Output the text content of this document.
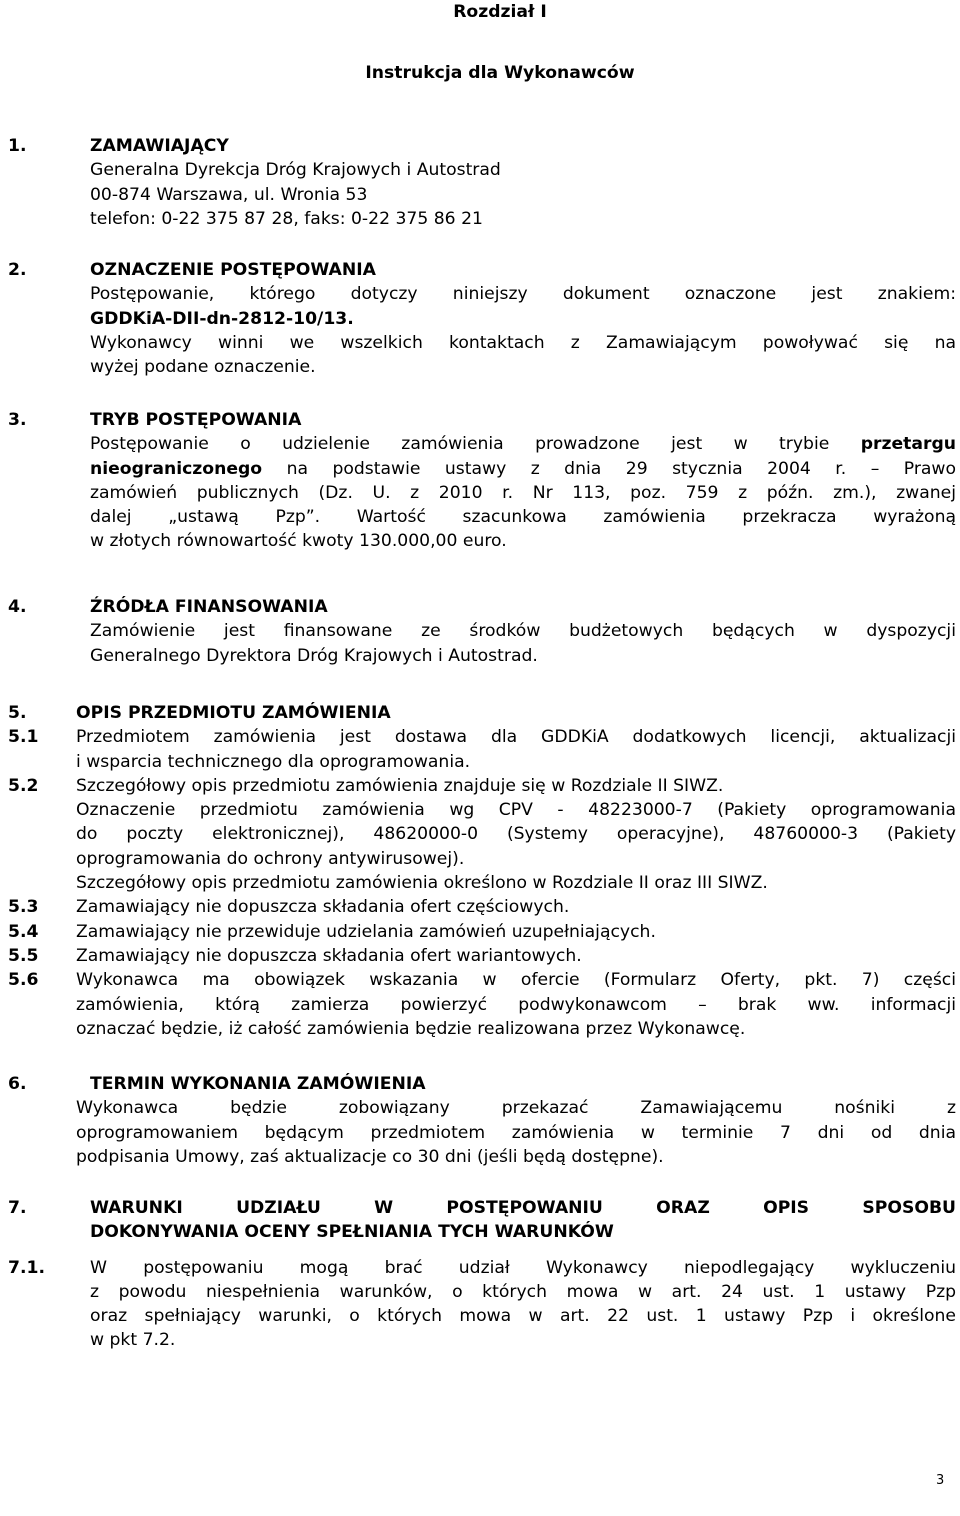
Rozdział I
Instrukcja dla Wykonawców
1.	ZAMAWIAJĄCY
Generalna Dyrekcja Dróg Krajowych i Autostrad
00-874 Warszawa, ul. Wronia 53
telefon: 0-22 375 87 28, faks: 0-22 375 86 21
2.	OZNACZENIE POSTĘPOWANIA
Postępowanie, którego dotyczy niniejszy dokument oznaczone jest znakiem:
GDDKiA-DII-dn-2812-10/13.
Wykonawcy winni we wszelkich kontaktach z Zamawiającym powoływać się na
wyżej podane oznaczenie.
3.	TRYB POSTĘPOWANIA
Postępowanie o udzielenie zamówienia prowadzone jest w trybie przetargu
nieograniczonego na podstawie ustawy z dnia 29 stycznia 2004 r. – Prawo
zamówień publicznych (Dz. U. z 2010 r. Nr 113, poz. 759 z późn. zm.), zwanej
dalej „ustawą Pzp”. Wartość szacunkowa zamówienia przekracza wyrażoną
w złotych równowartość kwoty 130.000,00 euro.
4.	ŹRÓDŁA FINANSOWANIA
Zamówienie jest finansowane ze środków budżetowych będących w dyspozycji
Generalnego Dyrektora Dróg Krajowych i Autostrad.
5.	OPIS PRZEDMIOTU ZAMÓWIENIA
5.1 Przedmiotem zamówienia jest dostawa dla GDDKiA dodatkowych licencji, aktualizacji
i wsparcia technicznego dla oprogramowania.
5.2 Szczegółowy opis przedmiotu zamówienia znajduje się w Rozdziale II SIWZ.
Oznaczenie przedmiotu zamówienia wg CPV - 48223000-7 (Pakiety oprogramowania
do poczty elektronicznej), 48620000-0 (Systemy operacyjne), 48760000-3 (Pakiety
oprogramowania do ochrony antywirusowej).
Szczegółowy opis przedmiotu zamówienia określono w Rozdziale II oraz III SIWZ.
5.3 Zamawiający nie dopuszcza składania ofert częściowych.
5.4 Zamawiający nie przewiduje udzielania zamówień uzupełniających.
5.5 Zamawiający nie dopuszcza składania ofert wariantowych.
5.6 Wykonawca ma obowiązek wskazania w ofercie (Formularz Oferty, pkt. 7) części
zamówienia, którą zamierza powierzyć podwykonawcom – brak ww. informacji
oznaczać będzie, iż całość zamówienia będzie realizowana przez Wykonawcę.
6.	TERMIN WYKONANIA ZAMÓWIENIA
Wykonawca będzie zobowiązany przekazać Zamawiającemu nośniki z
oprogramowaniem będącym przedmiotem zamówienia w terminie 7 dni od dnia
podpisania Umowy, zaś aktualizacje co 30 dni (jeśli będą dostępne).
7.	WARUNKI UDZIAŁU W POSTĘPOWANIU ORAZ OPIS SPOSOBU
DOKONYWANIA OCENY SPEŁNIANIA TYCH WARUNKÓW
7.1.	W postępowaniu mogą brać udział Wykonawcy niepodlegający wykluczeniu
z powodu niespełnienia warunków, o których mowa w art. 24 ust. 1 ustawy Pzp
oraz spełniający warunki, o których mowa w art. 22 ust. 1 ustawy Pzp i określone
w pkt 7.2.
3
